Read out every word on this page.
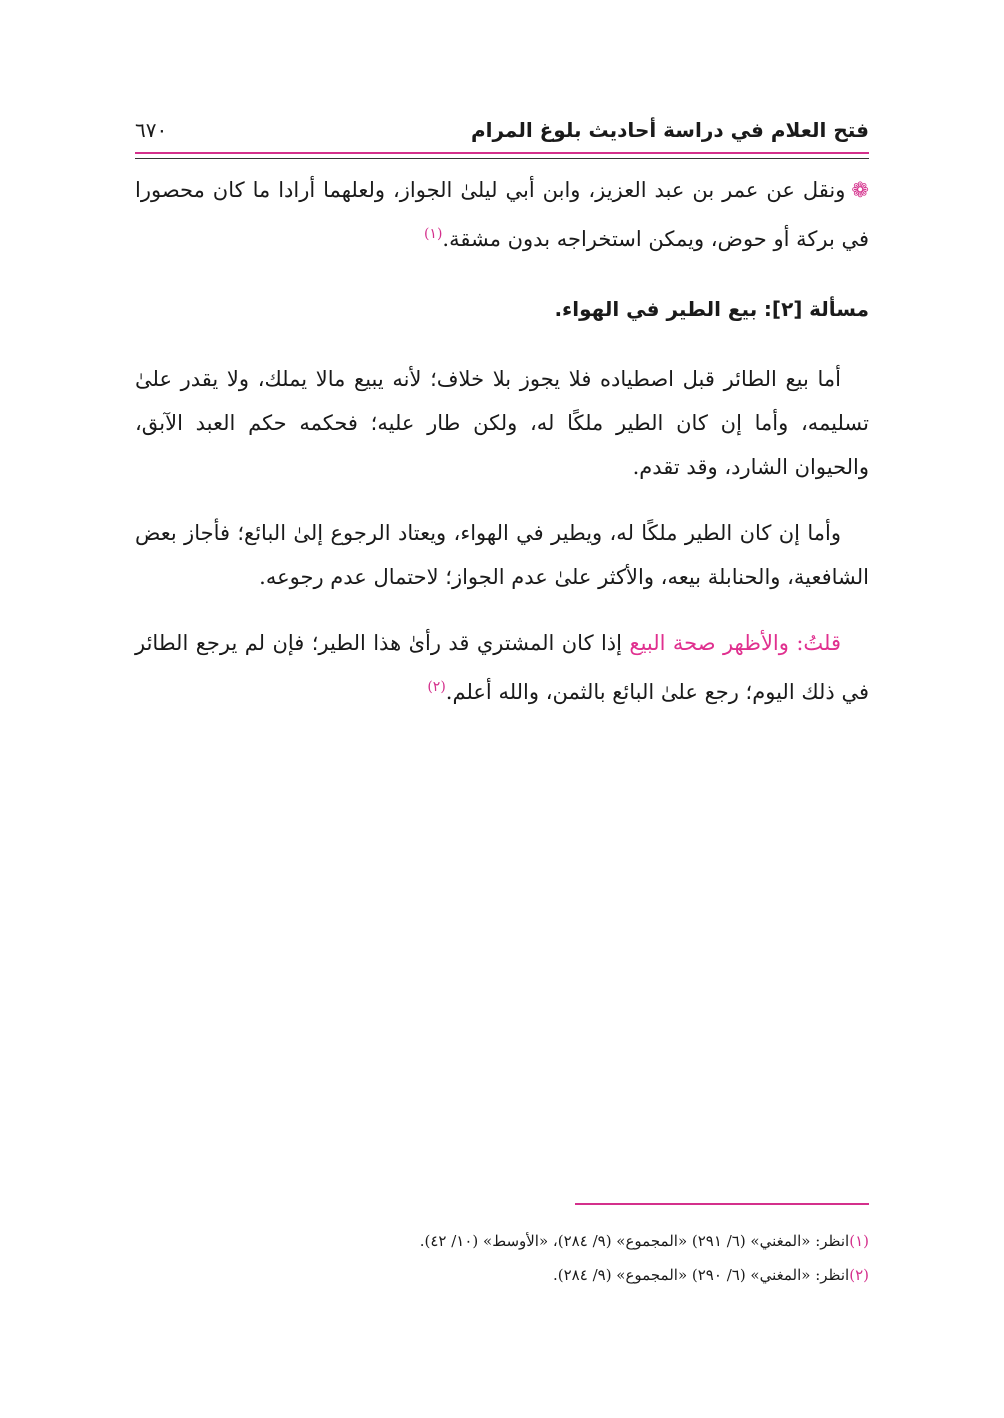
فتح العلام في دراسة أحاديث بلوغ المرام
٦٧٠

❁ونقل عن عمر بن عبد العزيز، وابن أبي ليلىٰ الجواز، ولعلهما أرادا ما كان محصورا في بركة أو حوض، ويمكن استخراجه بدون مشقة.$^{(١)}$

مسألة [٢]: بيع الطير في الهواء.

أما بيع الطائر قبل اصطياده فلا يجوز بلا خلاف؛ لأنه يبيع مالا يملك، ولا يقدر علىٰ تسليمه، وأما إن كان الطير ملكًا له، ولكن طار عليه؛ فحكمه حكم العبد الآبق، والحيوان الشارد، وقد تقدم.

وأما إن كان الطير ملكًا له، ويطير في الهواء، ويعتاد الرجوع إلىٰ البائع؛ فأجاز بعض الشافعية، والحنابلة بيعه، والأكثر علىٰ عدم الجواز؛ لاحتمال عدم رجوعه.

قلتُ: والأظهر صحة البيع إذا كان المشتري قد رأىٰ هذا الطير؛ فإن لم يرجع الطائر في ذلك اليوم؛ رجع علىٰ البائع بالثمن، والله أعلم.$^{(٢)}$

(١)انظر: «المغني» (٦/ ٢٩١) «المجموع» (٩/ ٢٨٤)، «الأوسط» (١٠/ ٤٢).
(٢)انظر: «المغني» (٦/ ٢٩٠) «المجموع» (٩/ ٢٨٤).
